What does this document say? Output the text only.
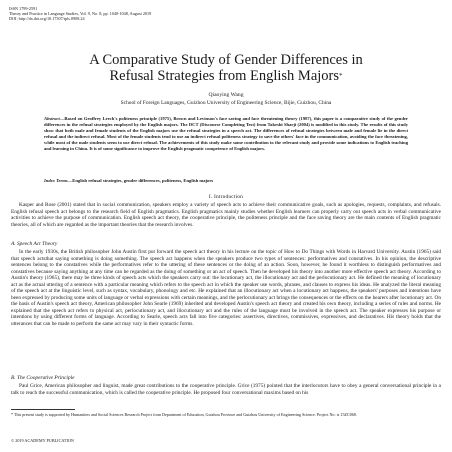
ISSN 1799-2591
Theory and Practice in Language Studies, Vol. 9, No. 8, pp. 1040-1048, August 2019
DOI: http://dx.doi.org/10.17507/tpls.0908.24
A Comparative Study of Gender Differences in
Refusal Strategies from English Majors*
Qiaoying Wang
School of Foreign Languages, Guizhou University of Engineering Science, Bijie, Guizhou, China
Abstract—Based on Geoffrey Leech's politeness principle (1975), Brown and Levinson's face saving and face threatening theory (1987), this paper is a comparative study of the gender differences in the refusal strategies employed by the English majors. The DCT (Discourse Completing Test) from Takeshi Sharji (2004) is modified in this study. The results of this study show that both male and female students of the English majors use the refusal strategies in a speech act. The differences of refusal strategies between male and female lie in the direct refusal and the indirect refusal. Most of the female students tend to use an indirect refusal politeness strategy to save the others' face in the communication, avoiding the face threatening, while most of the male students seem to use direct refusal. The achievements of this study make some contribution to the relevant study and provide some indications to English teaching and learning in China. It is of some significance to improve the English pragmatic competence of English majors.
Index Terms—English refusal strategies, gender differences, politeness, English majors
I. Introduction
Kasper and Rose (2001) stated that in social communication, speakers employ a variety of speech acts to achieve their communicative goals, such as apologies, requests, complaints, and refusals. English refusal speech act belongs to the research field of English pragmatics. English pragmatics mainly studies whether English learners can properly carry out speech acts in verbal communicative activities to achieve the purpose of communication. English speech act theory, the cooperative principle, the politeness principle and the face saving theory are the main contents of English pragmatic theories, all of which are regarded as the important theories that the research involves.
A. Speech Act Theory
In the early 1930s, the British philosopher John Austin first put forward the speech act theory in his lecture on the topic of How to Do Things with Words in Harvard University. Austin (1965) said that speech actsthat saying something is doing something. The speech act happens when the speakers produce two types of sentences: performatives and constatives. In his opinion, the descriptive sentences belong to the constatives while the performatives refer to the uttering of these sentences or the doing of an action. Soon, however, he found it worthless to distinguish performatives and constatives because saying anything at any time can be regarded as the doing of something or an act of speech. Then he developed his theory into another more effective speech act theory. According to Austin's theory (1965), there may be three kinds of speech acts which the speakers carry out: the locutionary act, the illocutionary act and the perlocutionary act. He defined the meaning of locutionary act as the actual uttering of a sentence with a particular meaning which refers to the speech act in which the speaker use words, phrases, and clauses to express his ideas. He analyzed the literal meaning of the speech act at the linguistic level, such as syntax, vocabulary, phonology and etc. He explained that an illocutionary act when a locutionary act happens, the speakers' purposes and intentions have been expressed by producing some units of language or verbal expressions with certain meanings, and the perlocutionary act brings the consequences or the effects on the hearers after locutionary act. On the basis of Austin's speech act theory, American philosopher John Searle (1969) inherited and developed Austin's speech act theory and created his own theory, including a series of rules and norms. He explained that the speech act refers to physical act, perlocutionary act, and illocutionary act and the rules of the language must be involved in the speech act. The speaker expresses his purpose or intentions by using different forms of language. According to Searle, speech acts fall into five categories: assertives, directives, commissives, expressives, and declaratives. His theory holds that the utterances that can be made to perform the same act may vary in their syntactic forms.
B. The Cooperative Principle
Paul Grice, American philosopher and linguist, made great contributions to the cooperative principle. Grice (1975) pointed that the interlocutors have to obey a general conversational principle in a talk to reach the successful communication, which is called the cooperative principle. He proposed four conversational maxims based on his
* This present study is supported by Humanities and Social Sciences Research Project from Department of Education, Guizhou Province and Guizhou University of Engineering Science. Project No: is 15ZC068.
© 2019 ACADEMY PUBLICATION
